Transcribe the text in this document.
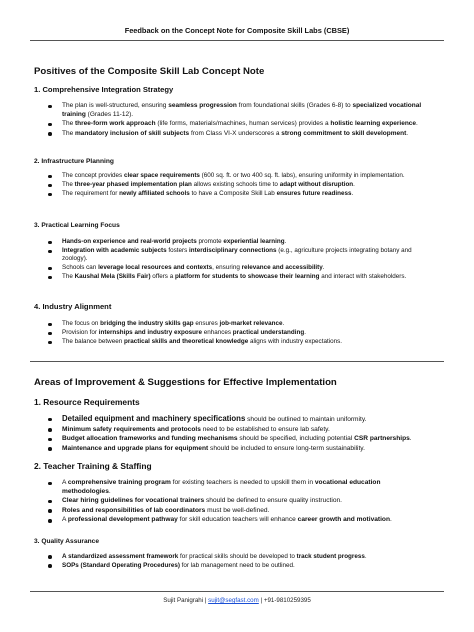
Feedback on the Concept Note for Composite Skill Labs (CBSE)
Positives of the Composite Skill Lab Concept Note
1. Comprehensive Integration Strategy
The plan is well-structured, ensuring seamless progression from foundational skills (Grades 6-8) to specialized vocational training (Grades 11-12).
The three-form work approach (life forms, materials/machines, human services) provides a holistic learning experience.
The mandatory inclusion of skill subjects from Class VI-X underscores a strong commitment to skill development.
2. Infrastructure Planning
The concept provides clear space requirements (600 sq. ft. or two 400 sq. ft. labs), ensuring uniformity in implementation.
The three-year phased implementation plan allows existing schools time to adapt without disruption.
The requirement for newly affiliated schools to have a Composite Skill Lab ensures future readiness.
3. Practical Learning Focus
Hands-on experience and real-world projects promote experiential learning.
Integration with academic subjects fosters interdisciplinary connections (e.g., agriculture projects integrating botany and zoology).
Schools can leverage local resources and contexts, ensuring relevance and accessibility.
The Kaushal Mela (Skills Fair) offers a platform for students to showcase their learning and interact with stakeholders.
4. Industry Alignment
The focus on bridging the industry skills gap ensures job-market relevance.
Provision for internships and industry exposure enhances practical understanding.
The balance between practical skills and theoretical knowledge aligns with industry expectations.
Areas of Improvement & Suggestions for Effective Implementation
1. Resource Requirements
Detailed equipment and machinery specifications should be outlined to maintain uniformity.
Minimum safety requirements and protocols need to be established to ensure lab safety.
Budget allocation frameworks and funding mechanisms should be specified, including potential CSR partnerships.
Maintenance and upgrade plans for equipment should be included to ensure long-term sustainability.
2. Teacher Training & Staffing
A comprehensive training program for existing teachers is needed to upskill them in vocational education methodologies.
Clear hiring guidelines for vocational trainers should be defined to ensure quality instruction.
Roles and responsibilities of lab coordinators must be well-defined.
A professional development pathway for skill education teachers will enhance career growth and motivation.
3. Quality Assurance
A standardized assessment framework for practical skills should be developed to track student progress.
SOPs (Standard Operating Procedures) for lab management need to be outlined.
Sujit Panigrahi | sujit@segfast.com | +91-9810259395
